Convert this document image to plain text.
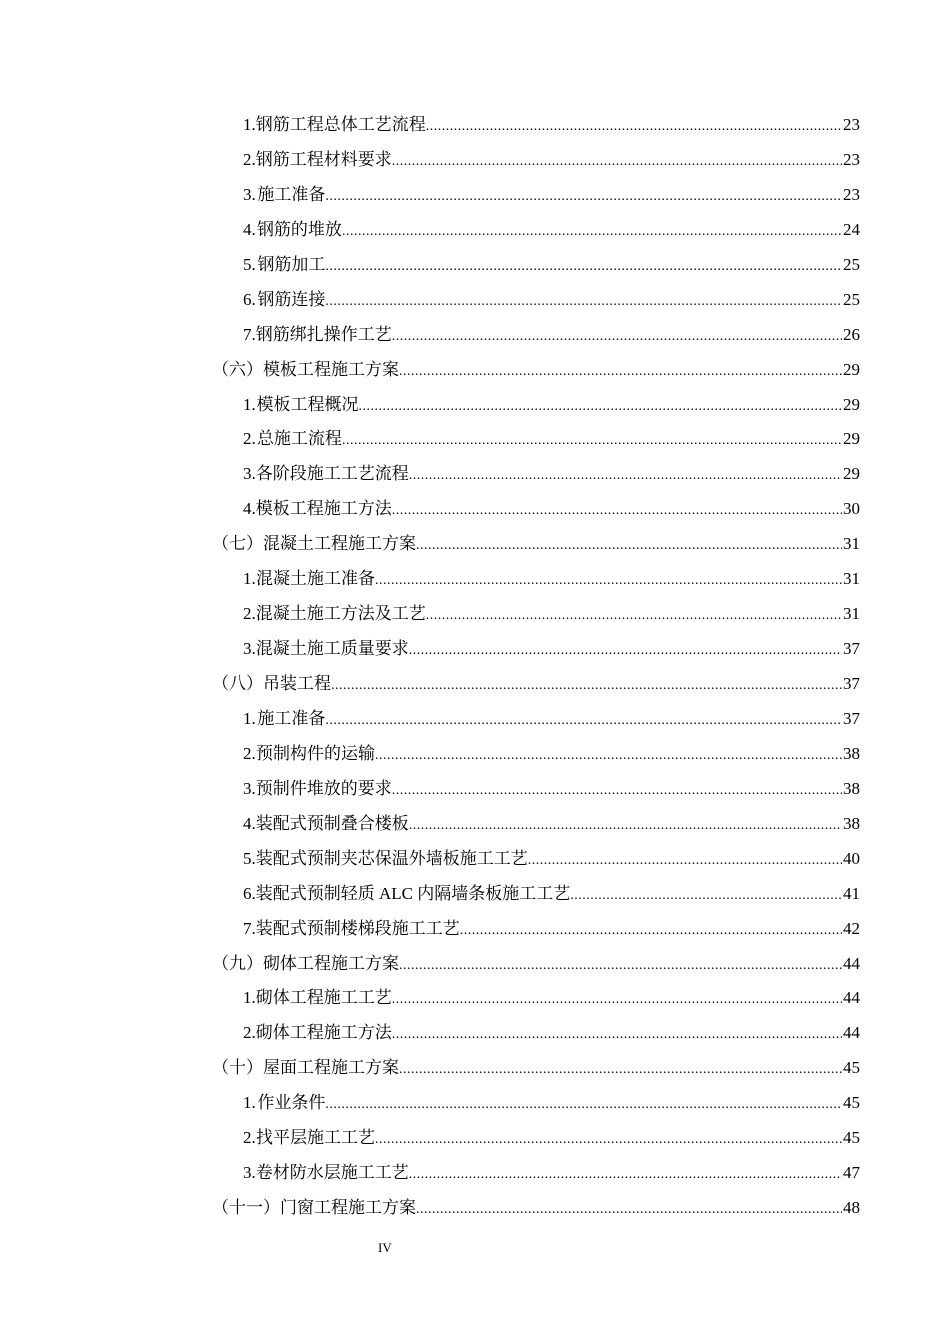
1. 钢筋工程总体工艺流程 .....	23
2. 钢筋工程材料要求 .....	23
3. 施工准备 .....	23
4. 钢筋的堆放 .....	24
5. 钢筋加工 .....	25
6. 钢筋连接 .....	25
7. 钢筋绑扎操作工艺 .....	26
（六） 模板工程施工方案 .....	29
1. 模板工程概况 .....	29
2. 总施工流程 .....	29
3. 各阶段施工工艺流程 .....	29
4. 模板工程施工方法 .....	30
（七） 混凝土工程施工方案 .....	31
1. 混凝土施工准备 .....	31
2. 混凝土施工方法及工艺 .....	31
3. 混凝土施工质量要求 .....	37
（八） 吊装工程 .....	37
1. 施工准备 .....	37
2. 预制构件的运输 .....	38
3. 预制件堆放的要求 .....	38
4. 装配式预制叠合楼板 .....	38
5. 装配式预制夹芯保温外墙板施工工艺 .....	40
6. 装配式预制轻质 ALC 内隔墙条板施工工艺 .....	41
7. 装配式预制楼梯段施工工艺 .....	42
（九） 砌体工程施工方案 .....	44
1. 砌体工程施工工艺 .....	44
2. 砌体工程施工方法 .....	44
（十） 屋面工程施工方案 .....	45
1. 作业条件 .....	45
2. 找平层施工工艺 .....	45
3. 卷材防水层施工工艺 .....	47
（十一） 门窗工程施工方案 .....	48
IV
